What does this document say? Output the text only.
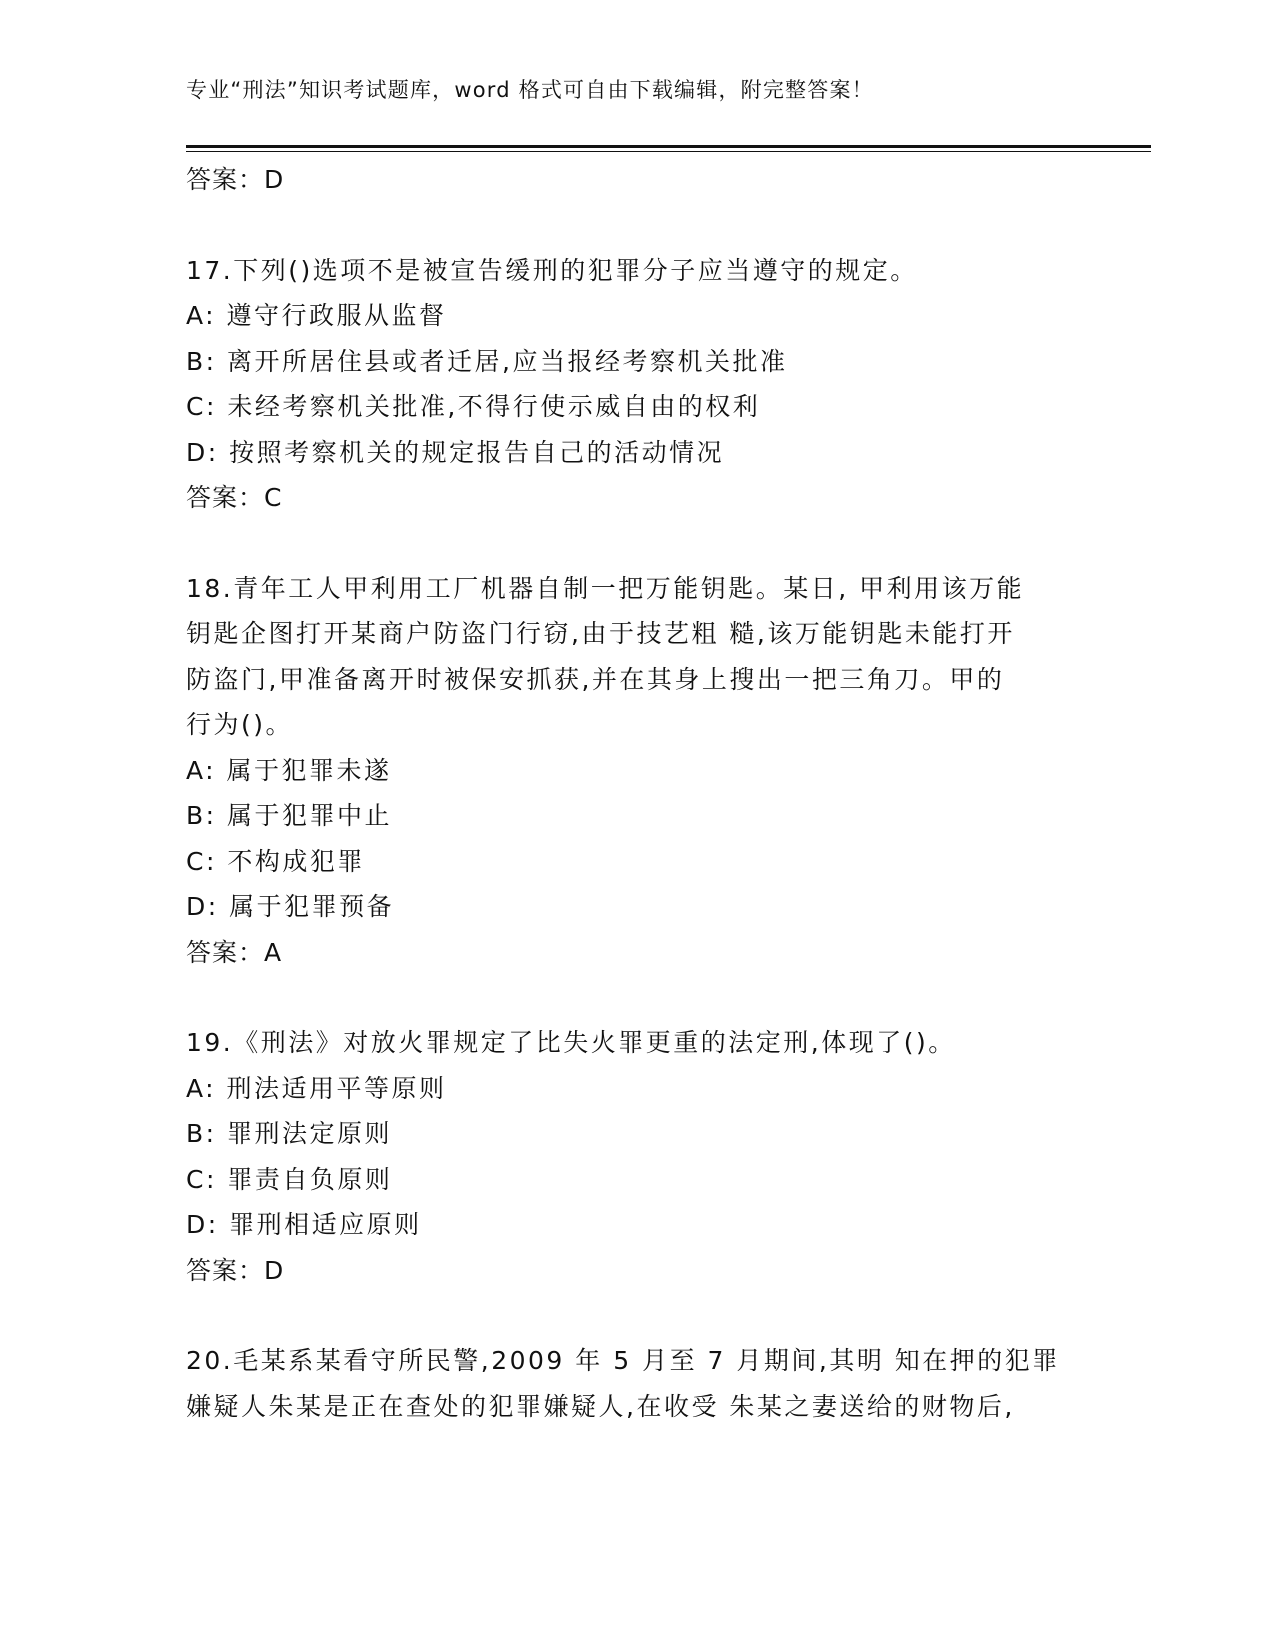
专业“刑法”知识考试题库，word 格式可自由下载编辑，附完整答案！
答案：D
17.下列()选项不是被宣告缓刑的犯罪分子应当遵守的规定。
A: 遵守行政服从监督
B: 离开所居住县或者迁居,应当报经考察机关批准
C: 未经考察机关批准,不得行使示威自由的权利
D: 按照考察机关的规定报告自己的活动情况
答案：C
18.青年工人甲利用工厂机器自制一把万能钥匙。某日, 甲利用该万能
钥匙企图打开某商户防盗门行窃,由于技艺粗 糙,该万能钥匙未能打开
防盗门,甲准备离开时被保安抓获,并在其身上搜出一把三角刀。甲的
行为()。
A: 属于犯罪未遂
B: 属于犯罪中止
C: 不构成犯罪
D: 属于犯罪预备
答案：A
19.《刑法》对放火罪规定了比失火罪更重的法定刑,体现了()。
A: 刑法适用平等原则
B: 罪刑法定原则
C: 罪责自负原则
D: 罪刑相适应原则
答案：D
20.毛某系某看守所民警,2009 年 5 月至 7 月期间,其明 知在押的犯罪
嫌疑人朱某是正在查处的犯罪嫌疑人,在收受 朱某之妻送给的财物后,
